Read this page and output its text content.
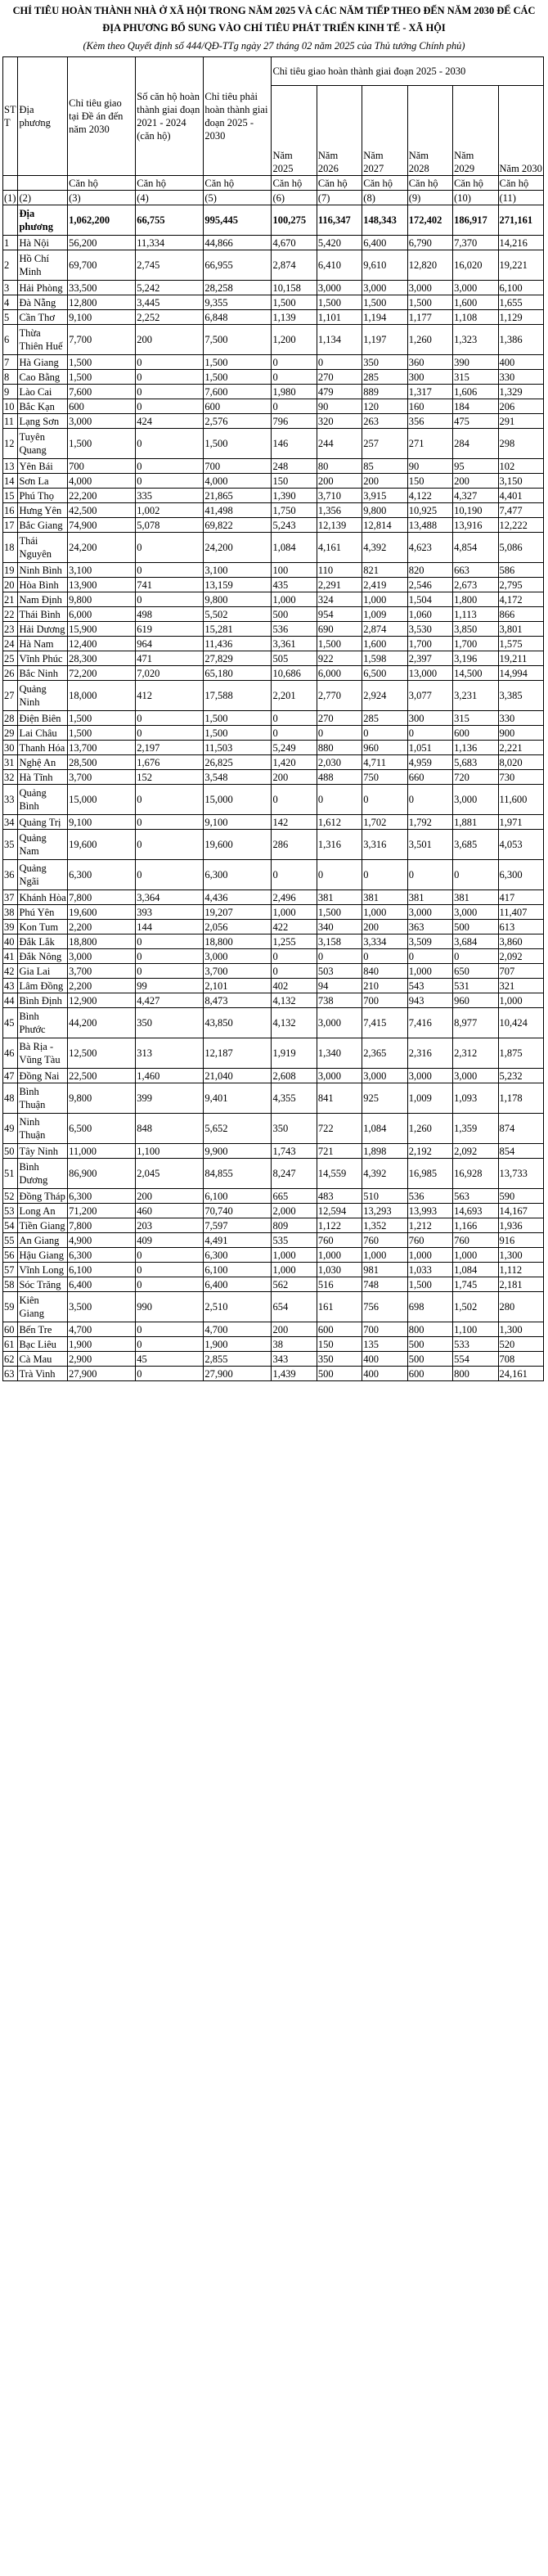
CHỈ TIÊU HOÀN THÀNH NHÀ Ở XÃ HỘI TRONG NĂM 2025 VÀ CÁC NĂM TIẾP THEO ĐẾN NĂM 2030 ĐỂ CÁC ĐỊA PHƯƠNG BỔ SUNG VÀO CHỈ TIÊU PHÁT TRIỂN KINH TẾ - XÃ HỘI

(Kèm theo Quyết định số 444/QĐ-TTg ngày 27 tháng 02 năm 2025 của Thủ tướng Chính phủ)

STT	Địa phương	Chỉ tiêu giao tại Đề án đến năm 2030	Số căn hộ hoàn thành giai đoạn 2021 - 2024 (căn hộ)	Chỉ tiêu phải hoàn thành giai đoạn 2025 - 2030	Chỉ tiêu giao hoàn thành giai đoạn 2025 - 2030					
					Năm 2025	Năm 2026	Năm 2027	Năm 2028	Năm 2029	Năm 2030
		Căn hộ	Căn hộ	Căn hộ	Căn hộ	Căn hộ	Căn hộ	Căn hộ	Căn hộ	Căn hộ
(1)	(2)	(3)	(4)	(5)	(6)	(7)	(8)	(9)	(10)	(11)
	Địa phương	1,062,200	66,755	995,445	100,275	116,347	148,343	172,402	186,917	271,161
1	Hà Nội	56,200	11,334	44,866	4,670	5,420	6,400	6,790	7,370	14,216
2	Hồ Chí Minh	69,700	2,745	66,955	2,874	6,410	9,610	12,820	16,020	19,221
3	Hải Phòng	33,500	5,242	28,258	10,158	3,000	3,000	3,000	3,000	6,100
4	Đà Nẵng	12,800	3,445	9,355	1,500	1,500	1,500	1,500	1,600	1,655
5	Cần Thơ	9,100	2,252	6,848	1,139	1,101	1,194	1,177	1,108	1,129
6	Thừa Thiên Huế	7,700	200	7,500	1,200	1,134	1,197	1,260	1,323	1,386
7	Hà Giang	1,500	0	1,500	0	0	350	360	390	400
8	Cao Bằng	1,500	0	1,500	0	270	285	300	315	330
9	Lào Cai	7,600	0	7,600	1,980	479	889	1,317	1,606	1,329
10	Bắc Kạn	600	0	600	0	90	120	160	184	206
11	Lạng Sơn	3,000	424	2,576	796	320	263	356	475	291
12	Tuyên Quang	1,500	0	1,500	146	244	257	271	284	298
13	Yên Bái	700	0	700	248	80	85	90	95	102
14	Sơn La	4,000	0	4,000	150	200	200	150	200	3,150
15	Phú Thọ	22,200	335	21,865	1,390	3,710	3,915	4,122	4,327	4,401
16	Hưng Yên	42,500	1,002	41,498	1,750	1,356	9,800	10,925	10,190	7,477
17	Bắc Giang	74,900	5,078	69,822	5,243	12,139	12,814	13,488	13,916	12,222
18	Thái Nguyên	24,200	0	24,200	1,084	4,161	4,392	4,623	4,854	5,086
19	Ninh Bình	3,100	0	3,100	100	110	821	820	663	586
20	Hòa Bình	13,900	741	13,159	435	2,291	2,419	2,546	2,673	2,795
21	Nam Định	9,800	0	9,800	1,000	324	1,000	1,504	1,800	4,172
22	Thái Bình	6,000	498	5,502	500	954	1,009	1,060	1,113	866
23	Hải Dương	15,900	619	15,281	536	690	2,874	3,530	3,850	3,801
24	Hà Nam	12,400	964	11,436	3,361	1,500	1,600	1,700	1,700	1,575
25	Vĩnh Phúc	28,300	471	27,829	505	922	1,598	2,397	3,196	19,211
26	Bắc Ninh	72,200	7,020	65,180	10,686	6,000	6,500	13,000	14,500	14,994
27	Quảng Ninh	18,000	412	17,588	2,201	2,770	2,924	3,077	3,231	3,385
28	Điện Biên	1,500	0	1,500	0	270	285	300	315	330
29	Lai Châu	1,500	0	1,500	0	0	0	0	600	900
30	Thanh Hóa	13,700	2,197	11,503	5,249	880	960	1,051	1,136	2,221
31	Nghệ An	28,500	1,676	26,825	1,420	2,030	4,711	4,959	5,683	8,020
32	Hà Tĩnh	3,700	152	3,548	200	488	750	660	720	730
33	Quảng Bình	15,000	0	15,000	0	0	0	0	3,000	11,600
34	Quảng Trị	9,100	0	9,100	142	1,612	1,702	1,792	1,881	1,971
35	Quảng Nam	19,600	0	19,600	286	1,316	3,316	3,501	3,685	4,053
36	Quảng Ngãi	6,300	0	6,300	0	0	0	0	0	6,300
37	Khánh Hòa	7,800	3,364	4,436	2,496	381	381	381	381	417
38	Phú Yên	19,600	393	19,207	1,000	1,500	1,000	3,000	3,000	11,407
39	Kon Tum	2,200	144	2,056	422	340	200	363	500	613
40	Đắk Lắk	18,800	0	18,800	1,255	3,158	3,334	3,509	3,684	3,860
41	Đắk Nông	3,000	0	3,000	0	0	0	0	0	2,092
42	Gia Lai	3,700	0	3,700	0	503	840	1,000	650	707
43	Lâm Đồng	2,200	99	2,101	402	94	210	543	531	321
44	Bình Định	12,900	4,427	8,473	4,132	738	700	943	960	1,000
45	Bình Phước	44,200	350	43,850	4,132	3,000	7,415	7,416	8,977	10,424
46	Bà Rịa - Vũng Tàu	12,500	313	12,187	1,919	1,340	2,365	2,316	2,312	1,875
47	Đồng Nai	22,500	1,460	21,040	2,608	3,000	3,000	3,000	3,000	5,232
48	Bình Thuận	9,800	399	9,401	4,355	841	925	1,009	1,093	1,178
49	Ninh Thuận	6,500	848	5,652	350	722	1,084	1,260	1,359	874
50	Tây Ninh	11,000	1,100	9,900	1,743	721	1,898	2,192	2,092	854
51	Bình Dương	86,900	2,045	84,855	8,247	14,559	4,392	16,985	16,928	13,733
52	Đồng Tháp	6,300	200	6,100	665	483	510	536	563	590
53	Long An	71,200	460	70,740	2,000	12,594	13,293	13,993	14,693	14,167
54	Tiền Giang	7,800	203	7,597	809	1,122	1,352	1,212	1,166	1,936
55	An Giang	4,900	409	4,491	535	760	760	760	760	916
56	Hậu Giang	6,300	0	6,300	1,000	1,000	1,000	1,000	1,000	1,300
57	Vĩnh Long	6,100	0	6,100	1,000	1,030	981	1,033	1,084	1,112
58	Sóc Trăng	6,400	0	6,400	562	516	748	1,500	1,745	2,181
59	Kiên Giang	3,500	990	2,510	654	161	756	698	1,502	280
60	Bến Tre	4,700	0	4,700	200	600	700	800	1,100	1,300
61	Bạc Liêu	1,900	0	1,900	38	150	135	500	533	520
62	Cà Mau	2,900	45	2,855	343	350	400	500	554	708
63	Trà Vinh	27,900	0	27,900	1,439	500	400	600	800	24,161
